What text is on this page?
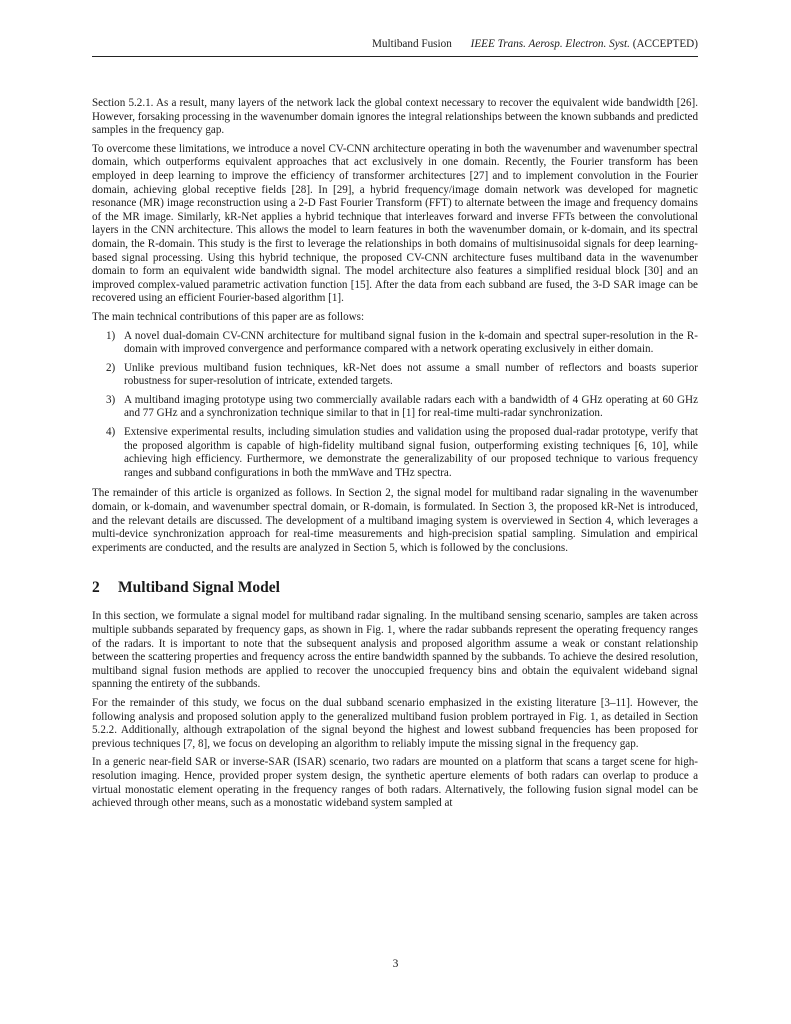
Multiband Fusion IEEE Trans. Aerosp. Electron. Syst. (ACCEPTED)

Section 5.2.1. As a result, many layers of the network lack the global context necessary to recover the equivalent wide bandwidth [26]. However, forsaking processing in the wavenumber domain ignores the integral relationships between the known subbands and predicted samples in the frequency gap.

To overcome these limitations, we introduce a novel CV-CNN architecture operating in both the wavenumber and wavenumber spectral domain, which outperforms equivalent approaches that act exclusively in one domain. Recently, the Fourier transform has been employed in deep learning to improve the efficiency of transformer architectures [27] and to implement convolution in the Fourier domain, achieving global receptive fields [28]. In [29], a hybrid frequency/image domain network was developed for magnetic resonance (MR) image reconstruction using a 2-D Fast Fourier Transform (FFT) to alternate between the image and frequency domains of the MR image. Similarly, kR-Net applies a hybrid technique that interleaves forward and inverse FFTs between the convolutional layers in the CNN architecture. This allows the model to learn features in both the wavenumber domain, or k-domain, and its spectral domain, the R-domain. This study is the first to leverage the relationships in both domains of multisinusoidal signals for deep learning-based signal processing. Using this hybrid technique, the proposed CV-CNN architecture fuses multiband data in the wavenumber domain to form an equivalent wide bandwidth signal. The model architecture also features a simplified residual block [30] and an improved complex-valued parametric activation function [15]. After the data from each subband are fused, the 3-D SAR image can be recovered using an efficient Fourier-based algorithm [1].

The main technical contributions of this paper are as follows:

1) A novel dual-domain CV-CNN architecture for multiband signal fusion in the k-domain and spectral super-resolution in the R-domain with improved convergence and performance compared with a network operating exclusively in either domain.
2) Unlike previous multiband fusion techniques, kR-Net does not assume a small number of reflectors and boasts superior robustness for super-resolution of intricate, extended targets.
3) A multiband imaging prototype using two commercially available radars each with a bandwidth of 4 GHz operating at 60 GHz and 77 GHz and a synchronization technique similar to that in [1] for real-time multi-radar synchronization.
4) Extensive experimental results, including simulation studies and validation using the proposed dual-radar prototype, verify that the proposed algorithm is capable of high-fidelity multiband signal fusion, outperforming existing techniques [6, 10], while achieving high efficiency. Furthermore, we demonstrate the generalizability of our proposed technique to various frequency ranges and subband configurations in both the mmWave and THz spectra.

The remainder of this article is organized as follows. In Section 2, the signal model for multiband radar signaling in the wavenumber domain, or k-domain, and wavenumber spectral domain, or R-domain, is formulated. In Section 3, the proposed kR-Net is introduced, and the relevant details are discussed. The development of a multiband imaging system is overviewed in Section 4, which leverages a multi-device synchronization approach for real-time measurements and high-precision spatial sampling. Simulation and empirical experiments are conducted, and the results are analyzed in Section 5, which is followed by the conclusions.

2 Multiband Signal Model

In this section, we formulate a signal model for multiband radar signaling. In the multiband sensing scenario, samples are taken across multiple subbands separated by frequency gaps, as shown in Fig. 1, where the radar subbands represent the operating frequency ranges of the radars. It is important to note that the subsequent analysis and proposed algorithm assume a weak or constant relationship between the scattering properties and frequency across the entire bandwidth spanned by the subbands. To achieve the desired resolution, multiband signal fusion methods are applied to recover the unoccupied frequency bins and obtain the equivalent wideband signal spanning the entirety of the subbands.

For the remainder of this study, we focus on the dual subband scenario emphasized in the existing literature [3–11]. However, the following analysis and proposed solution apply to the generalized multiband fusion problem portrayed in Fig. 1, as detailed in Section 5.2.2. Additionally, although extrapolation of the signal beyond the highest and lowest subband frequencies has been proposed for previous techniques [7, 8], we focus on developing an algorithm to reliably impute the missing signal in the frequency gap.

In a generic near-field SAR or inverse-SAR (ISAR) scenario, two radars are mounted on a platform that scans a target scene for high-resolution imaging. Hence, provided proper system design, the synthetic aperture elements of both radars can overlap to produce a virtual monostatic element operating in the frequency ranges of both radars. Alternatively, the following fusion signal model can be achieved through other means, such as a monostatic wideband system sampled at

3
